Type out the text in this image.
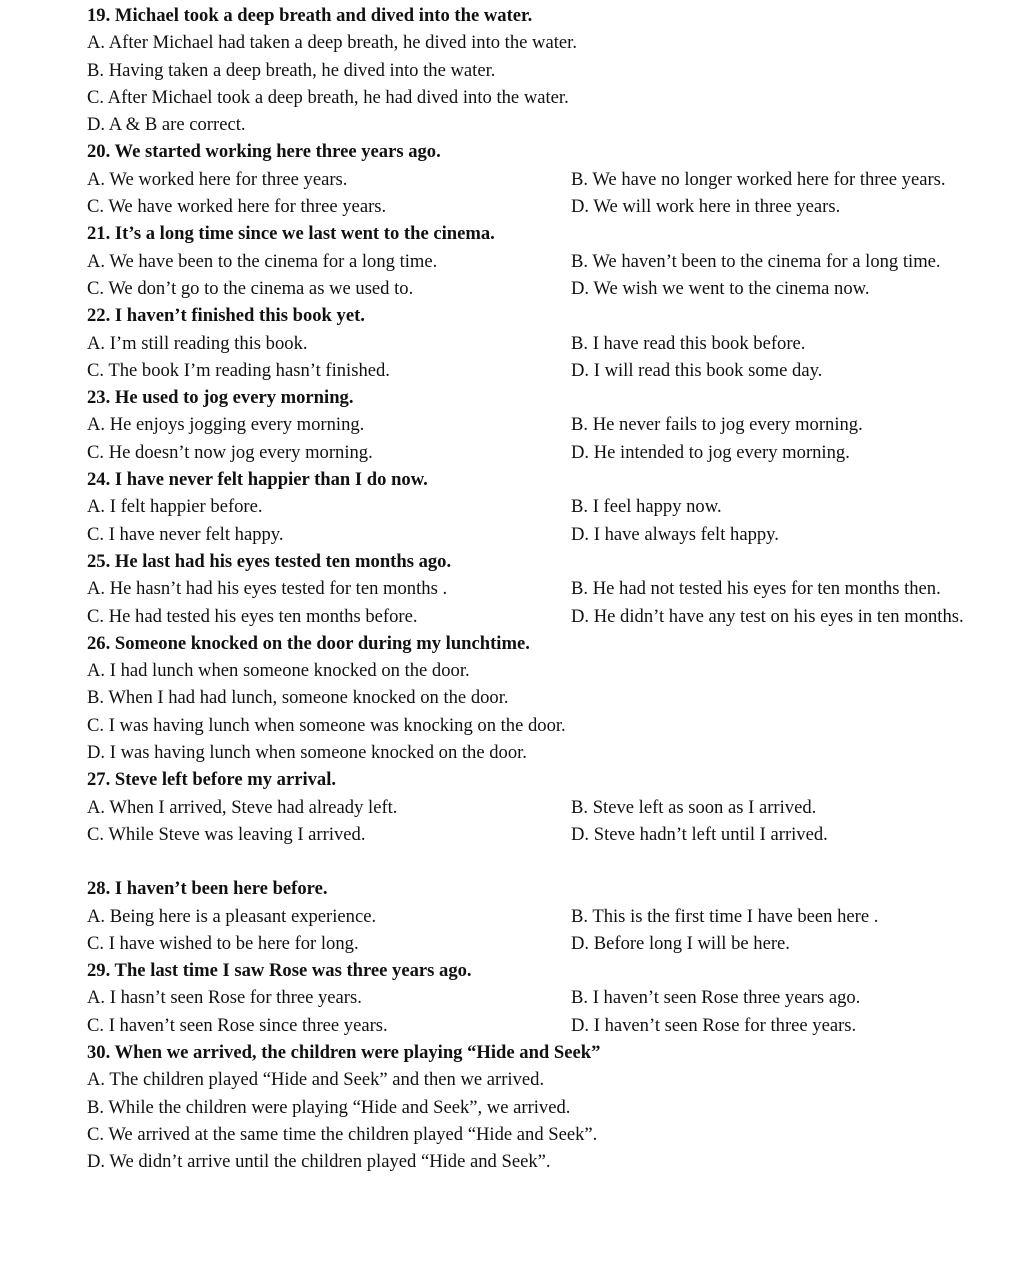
19. Michael took a deep breath and dived into the water.
A. After Michael had taken a deep breath, he dived into the water.
B. Having taken a deep breath, he dived into the water.
C. After Michael took a deep breath, he had dived into the water.
D. A & B are correct.
20. We started working here three years ago.
A. We worked here for three years.	B. We have no longer worked here for three years.
C. We have worked here for three years.	D. We will work here in three years.
21. It’s a long time since we last went to the cinema.
A. We have been to the cinema for a long time.	B. We haven’t been to the cinema for a long time.
C. We don’t go to the cinema as we used to.	D. We wish we went to the cinema now.
22. I haven’t finished this book yet.
A. I’m still reading this book.	B. I have read this book before.
C. The book I’m reading hasn’t finished.	D. I will read this book some day.
23. He used to jog every morning.
A. He enjoys jogging every morning.	B. He never fails to jog every morning.
C. He doesn’t now jog every morning.	D. He intended to jog every morning.
24. I have never felt happier than I do now.
A. I felt happier before.	B. I feel happy now.
C. I have never felt happy.	D. I have always felt happy.
25. He last had his eyes tested ten months ago.
A. He hasn’t had his eyes tested for ten months .	B. He had not tested his eyes for ten months then.
C. He had tested his eyes ten months before.	D. He didn’t have any test on his eyes in ten months.
26. Someone knocked on the door during my lunchtime.
A. I had lunch when someone knocked on the door.
B. When I had had lunch, someone knocked on the door.
C. I was having lunch when someone was knocking on the door.
D. I was having lunch when someone knocked on the door.
27. Steve left before my arrival.
A. When I arrived, Steve had already left.	B. Steve left as soon as I arrived.
C. While Steve was leaving I arrived.	D. Steve hadn’t left until I arrived.
28. I haven’t been here before.
A. Being here is a pleasant experience.	B. This is the first time I have been here .
C. I have wished to be here for long.	D. Before long I will be here.
29. The last time I saw Rose was three years ago.
A. I hasn’t seen Rose for three years.	B. I haven’t seen Rose three years ago.
C. I haven’t seen Rose since three years.	D. I haven’t seen Rose for three years.
30. When we arrived, the children were playing “Hide and Seek”
A. The children played “Hide and Seek” and then we arrived.
B. While the children were playing “Hide and Seek”, we arrived.
C. We arrived at the same time the children played “Hide and Seek”.
D. We didn’t arrive until the children played “Hide and Seek”.
